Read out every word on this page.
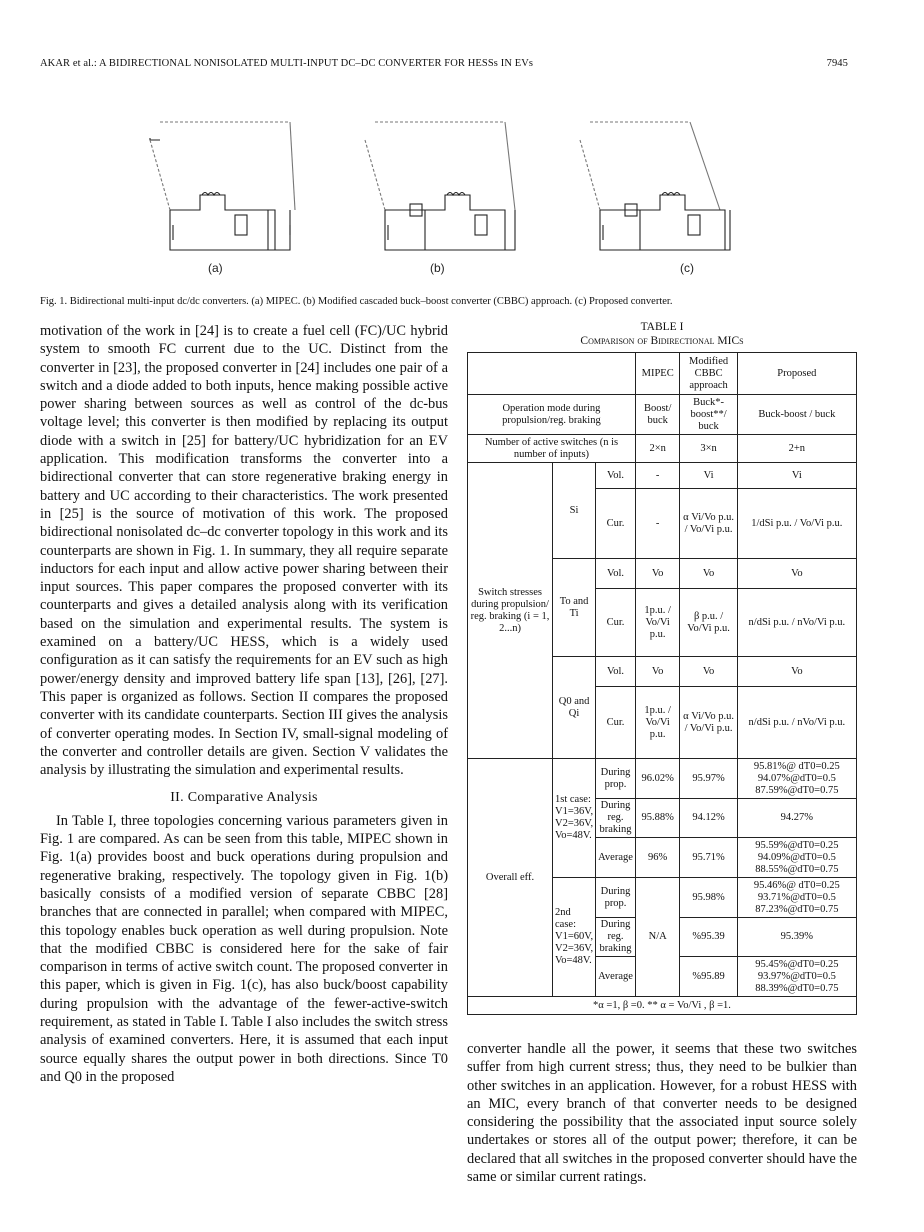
AKAR et al.: A BIDIRECTIONAL NONISOLATED MULTI-INPUT DC–DC CONVERTER FOR HESSs IN EVs	7945
(a)	(b)	(c)
Fig. 1. Bidirectional multi-input dc/dc converters. (a) MIPEC. (b) Modified cascaded buck–boost converter (CBBC) approach. (c) Proposed converter.

motivation of the work in [24] is to create a fuel cell (FC)/UC hybrid system to smooth FC current due to the UC. Distinct from the converter in [23], the proposed converter in [24] includes one pair of a switch and a diode added to both inputs, hence making possible active power sharing between sources as well as control of the dc-bus voltage level; this converter is then modified by replacing its output diode with a switch in [25] for battery/UC hybridization for an EV application. This modification transforms the converter into a bidirectional converter that can store regenerative braking energy in battery and UC according to their characteristics. The work presented in [25] is the source of motivation of this work. The proposed bidirectional nonisolated dc–dc converter topology in this work and its counterparts are shown in Fig. 1. In summary, they all require separate inductors for each input and allow active power sharing between their input sources. This paper compares the proposed converter with its counterparts and gives a detailed analysis along with its verification based on the simulation and experimental results. The system is examined on a battery/UC HESS, which is a widely used configuration as it can satisfy the requirements for an EV such as high power/energy density and improved battery life span [13], [26], [27]. This paper is organized as follows. Section II compares the proposed converter with its candidate counterparts. Section III gives the analysis of converter operating modes. In Section IV, small-signal modeling of the converter and controller details are given. Section V validates the analysis by illustrating the simulation and experimental results.

II. Comparative Analysis

In Table I, three topologies concerning various parameters given in Fig. 1 are compared. As can be seen from this table, MIPEC shown in Fig. 1(a) provides boost and buck operations during propulsion and regenerative braking, respectively. The topology given in Fig. 1(b) basically consists of a modified version of separate CBBC [28] branches that are connected in parallel; when compared with MIPEC, this topology enables buck operation as well during propulsion. Note that the modified CBBC is considered here for the sake of fair comparison in terms of active switch count. The proposed converter in this paper, which is given in Fig. 1(c), has also buck/boost capability during propulsion with the advantage of the fewer-active-switch requirement, as stated in Table I. Table I also includes the switch stress analysis of examined converters. Here, it is assumed that each input source equally shares the output power in both directions. Since T0 and Q0 in the proposed

TABLE I
Comparison of Bidirectional MICs
			MIPEC	Modified CBBC approach	Proposed
Operation mode during propulsion/reg. braking			Boost/ buck	Buck*- boost**/ buck	Buck-boost / buck
Number of active switches (n is number of inputs)			2×n	3×n	2+n
Switch stresses during propulsion/ reg. braking (i = 1, 2...n)	Si	Vol.	-	Vi	Vi
		Cur.	-	α Vi/Vo p.u. / Vo/Vi p.u.	1/dSi p.u. / Vo/Vi p.u.
	To and Ti	Vol.	Vo	Vo	Vo
		Cur.	1p.u. / Vo/Vi p.u.	β p.u. / Vo/Vi p.u.	n/dSi p.u. / nVo/Vi p.u.
	Q0 and Qi	Vol.	Vo	Vo	Vo
		Cur.	1p.u. / Vo/Vi p.u.	α Vi/Vo p.u. / Vo/Vi p.u.	n/dSi p.u. / nVo/Vi p.u.
Overall eff.	1st case: V1=36V, V2=36V, Vo=48V.	During prop.	96.02%	95.97%	95.81%@ dT0=0.25 94.07%@dT0=0.5 87.59%@dT0=0.75
		During reg. braking	95.88%	94.12%	94.27%
		Average	96%	95.71%	95.59%@dT0=0.25 94.09%@dT0=0.5 88.55%@dT0=0.75
	2nd case: V1=60V, V2=36V, Vo=48V.	During prop.	N/A	95.98%	95.46%@ dT0=0.25 93.71%@dT0=0.5 87.23%@dT0=0.75
		During reg. braking		%95.39	95.39%
		Average		%95.89	95.45%@dT0=0.25 93.97%@dT0=0.5 88.39%@dT0=0.75
*α =1, β =0. ** α = Vo/Vi , β =1.					

converter handle all the power, it seems that these two switches suffer from high current stress; thus, they need to be bulkier than other switches in an application. However, for a robust HESS with an MIC, every branch of that converter needs to be designed considering the possibility that the associated input source solely undertakes or stores all of the output power; therefore, it can be declared that all switches in the proposed converter should have the same or similar current ratings.
